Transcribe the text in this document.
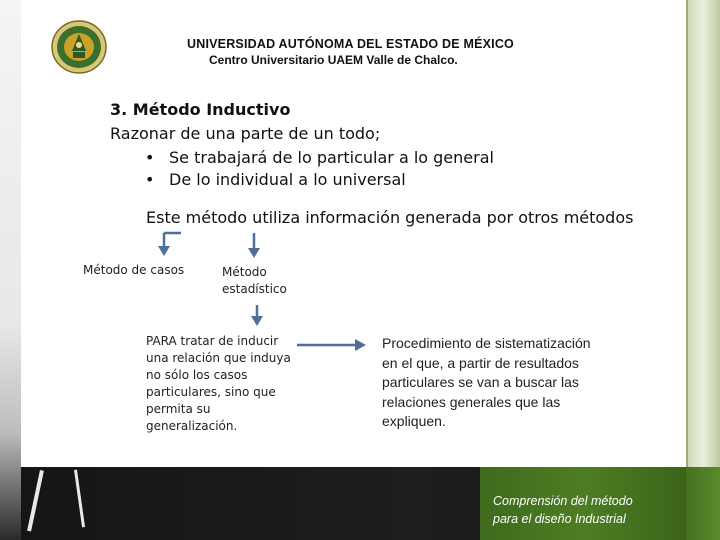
UNIVERSIDAD AUTÓNOMA DEL ESTADO DE MÉXICO
Centro Universitario UAEM Valle de Chalco.
3. Método Inductivo
Razonar de una parte de un todo;
• Se trabajará de lo particular a lo general
• De lo individual a lo universal
Este método utiliza información generada por otros métodos
Método de casos	Método
estadístico
PARA tratar de inducir
una relación que induya
no sólo los casos
particulares, sino que
permita su
generalización.
Procedimiento de sistematización
en el que, a partir de resultados
particulares se van a buscar las
relaciones generales que las
expliquen.
Comprensión del método
para el diseño Industrial
